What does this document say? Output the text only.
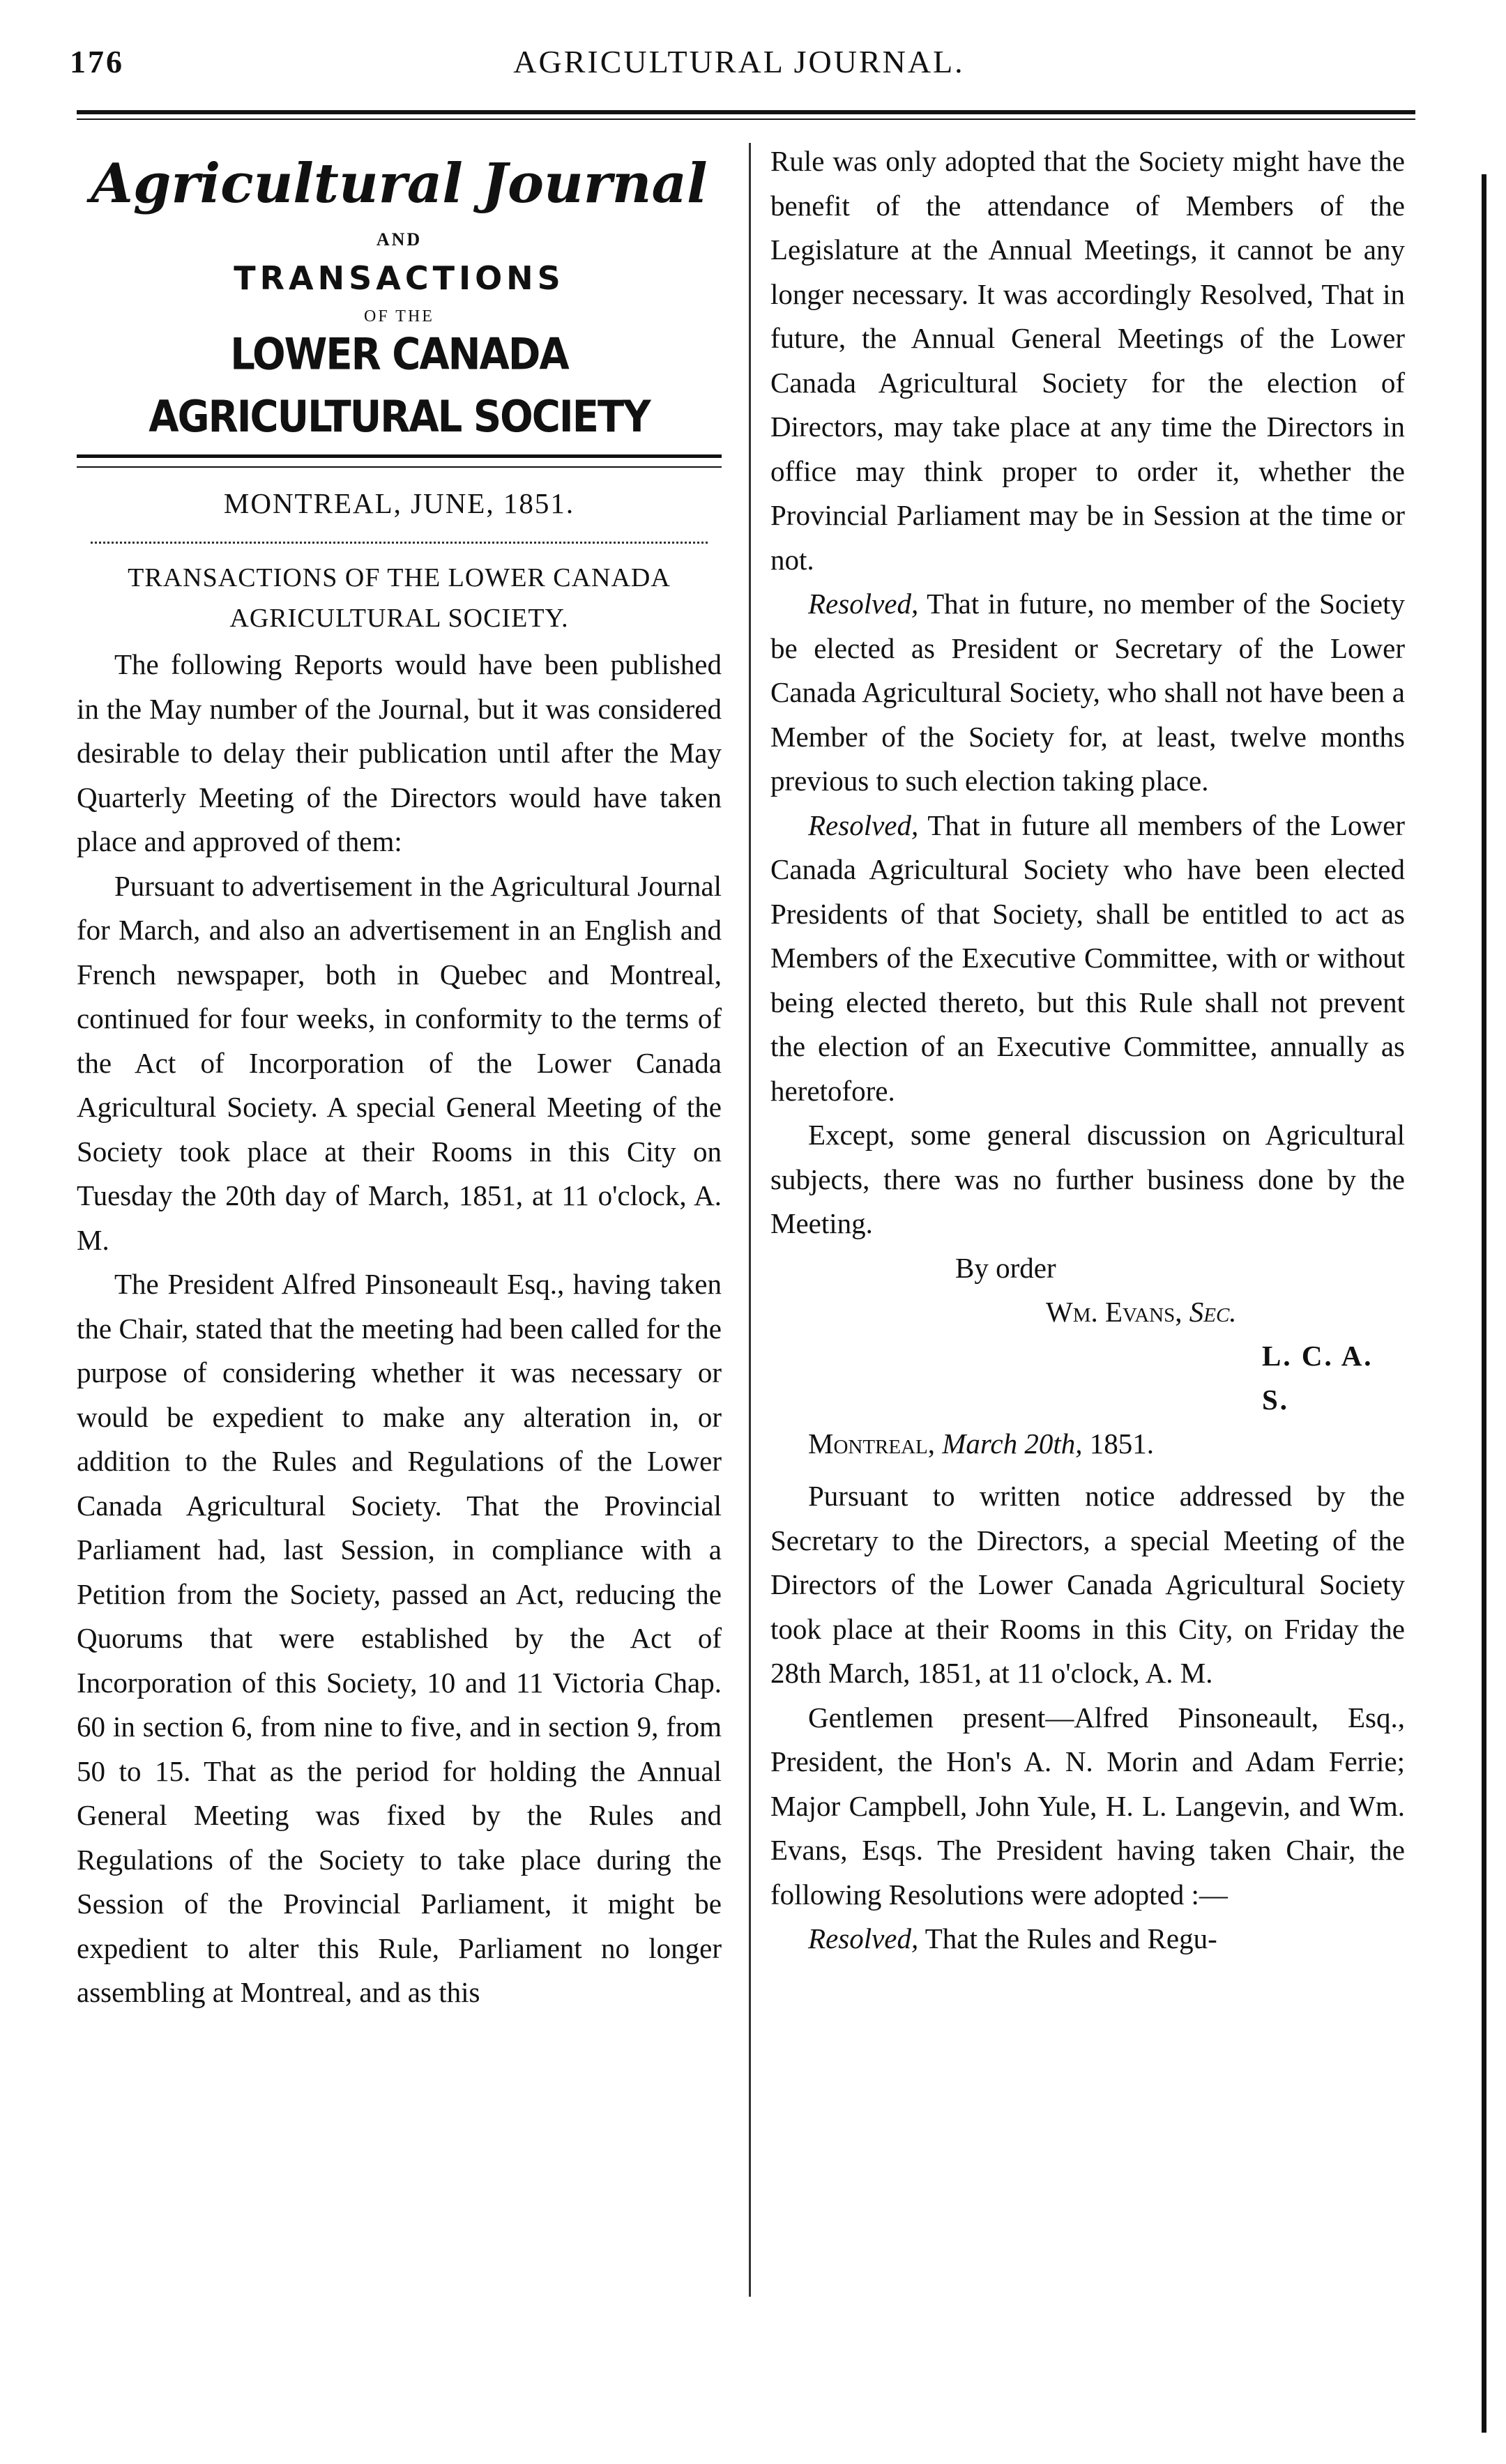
176	AGRICULTURAL JOURNAL.
Agricultural Journal
AND
TRANSACTIONS
OF THE
LOWER CANADA AGRICULTURAL SOCIETY
MONTREAL, JUNE, 1851.
TRANSACTIONS OF THE LOWER CANADA AGRICULTURAL SOCIETY.

The following Reports would have been published in the May number of the Journal, but it was considered desirable to delay their publication until after the May Quarterly Meeting of the Directors would have taken place and approved of them:

Pursuant to advertisement in the Agricultural Journal for March, and also an advertisement in an English and French newspaper, both in Quebec and Montreal, continued for four weeks, in conformity to the terms of the Act of Incorporation of the Lower Canada Agricultural Society. A special General Meeting of the Society took place at their Rooms in this City on Tuesday the 20th day of March, 1851, at 11 o'clock, A. M.

The President Alfred Pinsoneault Esq., having taken the Chair, stated that the meeting had been called for the purpose of considering whether it was necessary or would be expedient to make any alteration in, or addition to the Rules and Regulations of the Lower Canada Agricultural Society. That the Provincial Parliament had, last Session, in compliance with a Petition from the Society, passed an Act, reducing the Quorums that were established by the Act of Incorporation of this Society, 10 and 11 Victoria Chap. 60 in section 6, from nine to five, and in section 9, from 50 to 15. That as the period for holding the Annual General Meeting was fixed by the Rules and Regulations of the Society to take place during the Session of the Provincial Parliament, it might be expedient to alter this Rule, Parliament no longer assembling at Montreal, and as this

Rule was only adopted that the Society might have the benefit of the attendance of Members of the Legislature at the Annual Meetings, it cannot be any longer necessary. It was accordingly Resolved, That in future, the Annual General Meetings of the Lower Canada Agricultural Society for the election of Directors, may take place at any time the Directors in office may think proper to order it, whether the Provincial Parliament may be in Session at the time or not.

Resolved, That in future, no member of the Society be elected as President or Secretary of the Lower Canada Agricultural Society, who shall not have been a Member of the Society for, at least, twelve months previous to such election taking place.

Resolved, That in future all members of the Lower Canada Agricultural Society who have been elected Presidents of that Society, shall be entitled to act as Members of the Executive Committee, with or without being elected thereto, but this Rule shall not prevent the election of an Executive Committee, annually as heretofore.

Except, some general discussion on Agricultural subjects, there was no further business done by the Meeting.

By order
Wm. Evans, Sec.
L. C. A. S.

Montreal, March 20th, 1851.

Pursuant to written notice addressed by the Secretary to the Directors, a special Meeting of the Directors of the Lower Canada Agricultural Society took place at their Rooms in this City, on Friday the 28th March, 1851, at 11 o'clock, A. M.

Gentlemen present—Alfred Pinsoneault, Esq., President, the Hon's A. N. Morin and Adam Ferrie; Major Campbell, John Yule, H. L. Langevin, and Wm. Evans, Esqs. The President having taken Chair, the following Resolutions were adopted :—

Resolved, That the Rules and Regu-
